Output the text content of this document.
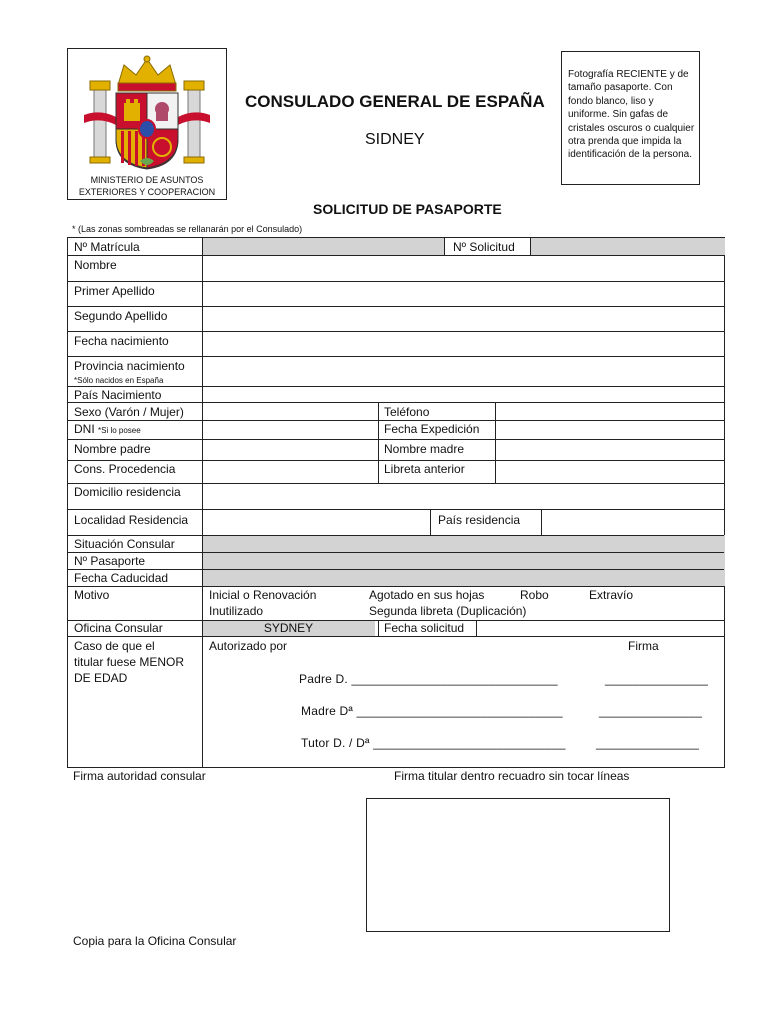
MINISTERIO DE ASUNTOS
EXTERIORES Y COOPERACION
CONSULADO GENERAL DE ESPAÑA
SIDNEY
Fotografía RECIENTE y de tamaño pasaporte. Con fondo blanco, liso y uniforme. Sin gafas de cristales oscuros o cualquier otra prenda que impida la identificación de la persona.
SOLICITUD DE PASAPORTE
* (Las zonas sombreadas se rellanarán por el Consulado)
Nº Matrícula	Nº Solicitud
Nombre
Primer Apellido
Segundo Apellido
Fecha nacimiento
Provincia nacimiento
*Sólo nacidos en España
País Nacimiento
Sexo (Varón / Mujer)	Teléfono
DNI *Si lo posee	Fecha Expedición
Nombre padre	Nombre madre
Cons. Procedencia	Libreta anterior
Domicilio residencia
Localidad Residencia	País residencia
Situación Consular
Nº Pasaporte
Fecha Caducidad
Motivo	Inicial o Renovación	Agotado en sus hojas	Robo	Extravío
Inutilizado	Segunda libreta (Duplicación)
Oficina Consular	SYDNEY	Fecha solicitud
Caso de que el
titular fuese MENOR
DE EDAD
Autorizado por	Firma
Padre D. ______________________________	_______________
Madre Dª ______________________________	_______________
Tutor D. / Dª ____________________________	_______________
Firma autoridad consular	Firma titular dentro recuadro sin tocar líneas
Copia para la Oficina Consular
